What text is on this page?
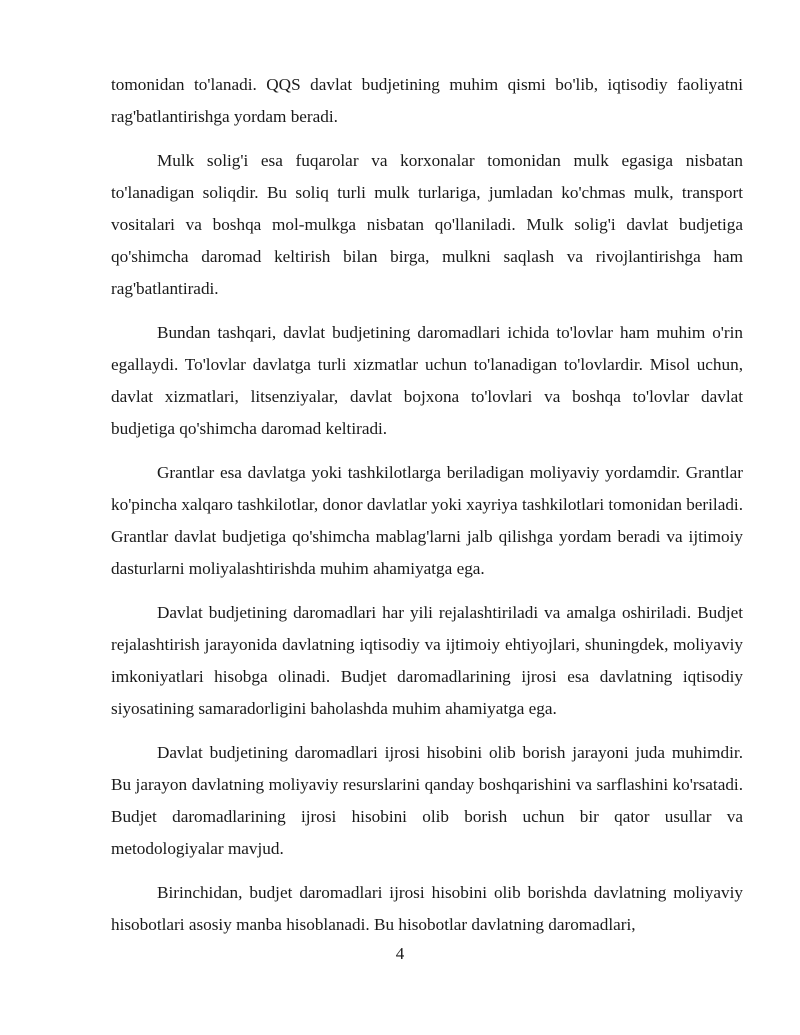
tomonidan to'lanadi. QQS davlat budjetining muhim qismi bo'lib, iqtisodiy faoliyatni rag'batlantirishga yordam beradi.

Mulk solig'i esa fuqarolar va korxonalar tomonidan mulk egasiga nisbatan to'lanadigan soliqdir. Bu soliq turli mulk turlariga, jumladan ko'chmas mulk, transport vositalari va boshqa mol-mulkga nisbatan qo'llaniladi. Mulk solig'i davlat budjetiga qo'shimcha daromad keltirish bilan birga, mulkni saqlash va rivojlantirishga ham rag'batlantiradi.

Bundan tashqari, davlat budjetining daromadlari ichida to'lovlar ham muhim o'rin egallaydi. To'lovlar davlatga turli xizmatlar uchun to'lanadigan to'lovlardir. Misol uchun, davlat xizmatlari, litsenziyalar, davlat bojxona to'lovlari va boshqa to'lovlar davlat budjetiga qo'shimcha daromad keltiradi.

Grantlar esa davlatga yoki tashkilotlarga beriladigan moliyaviy yordamdir. Grantlar ko'pincha xalqaro tashkilotlar, donor davlatlar yoki xayriya tashkilotlari tomonidan beriladi. Grantlar davlat budjetiga qo'shimcha mablag'larni jalb qilishga yordam beradi va ijtimoiy dasturlarni moliyalashtirishda muhim ahamiyatga ega.

Davlat budjetining daromadlari har yili rejalashtiriladi va amalga oshiriladi. Budjet rejalashtirish jarayonida davlatning iqtisodiy va ijtimoiy ehtiyojlari, shuningdek, moliyaviy imkoniyatlari hisobga olinadi. Budjet daromadlarining ijrosi esa davlatning iqtisodiy siyosatining samaradorligini baholashda muhim ahamiyatga ega.

Davlat budjetining daromadlari ijrosi hisobini olib borish jarayoni juda muhimdir. Bu jarayon davlatning moliyaviy resurslarini qanday boshqarishini va sarflashini ko'rsatadi. Budjet daromadlarining ijrosi hisobini olib borish uchun bir qator usullar va metodologiyalar mavjud.

Birinchidan, budjet daromadlari ijrosi hisobini olib borishda davlatning moliyaviy hisobotlari asosiy manba hisoblanadi. Bu hisobotlar davlatning daromadlari,

4
